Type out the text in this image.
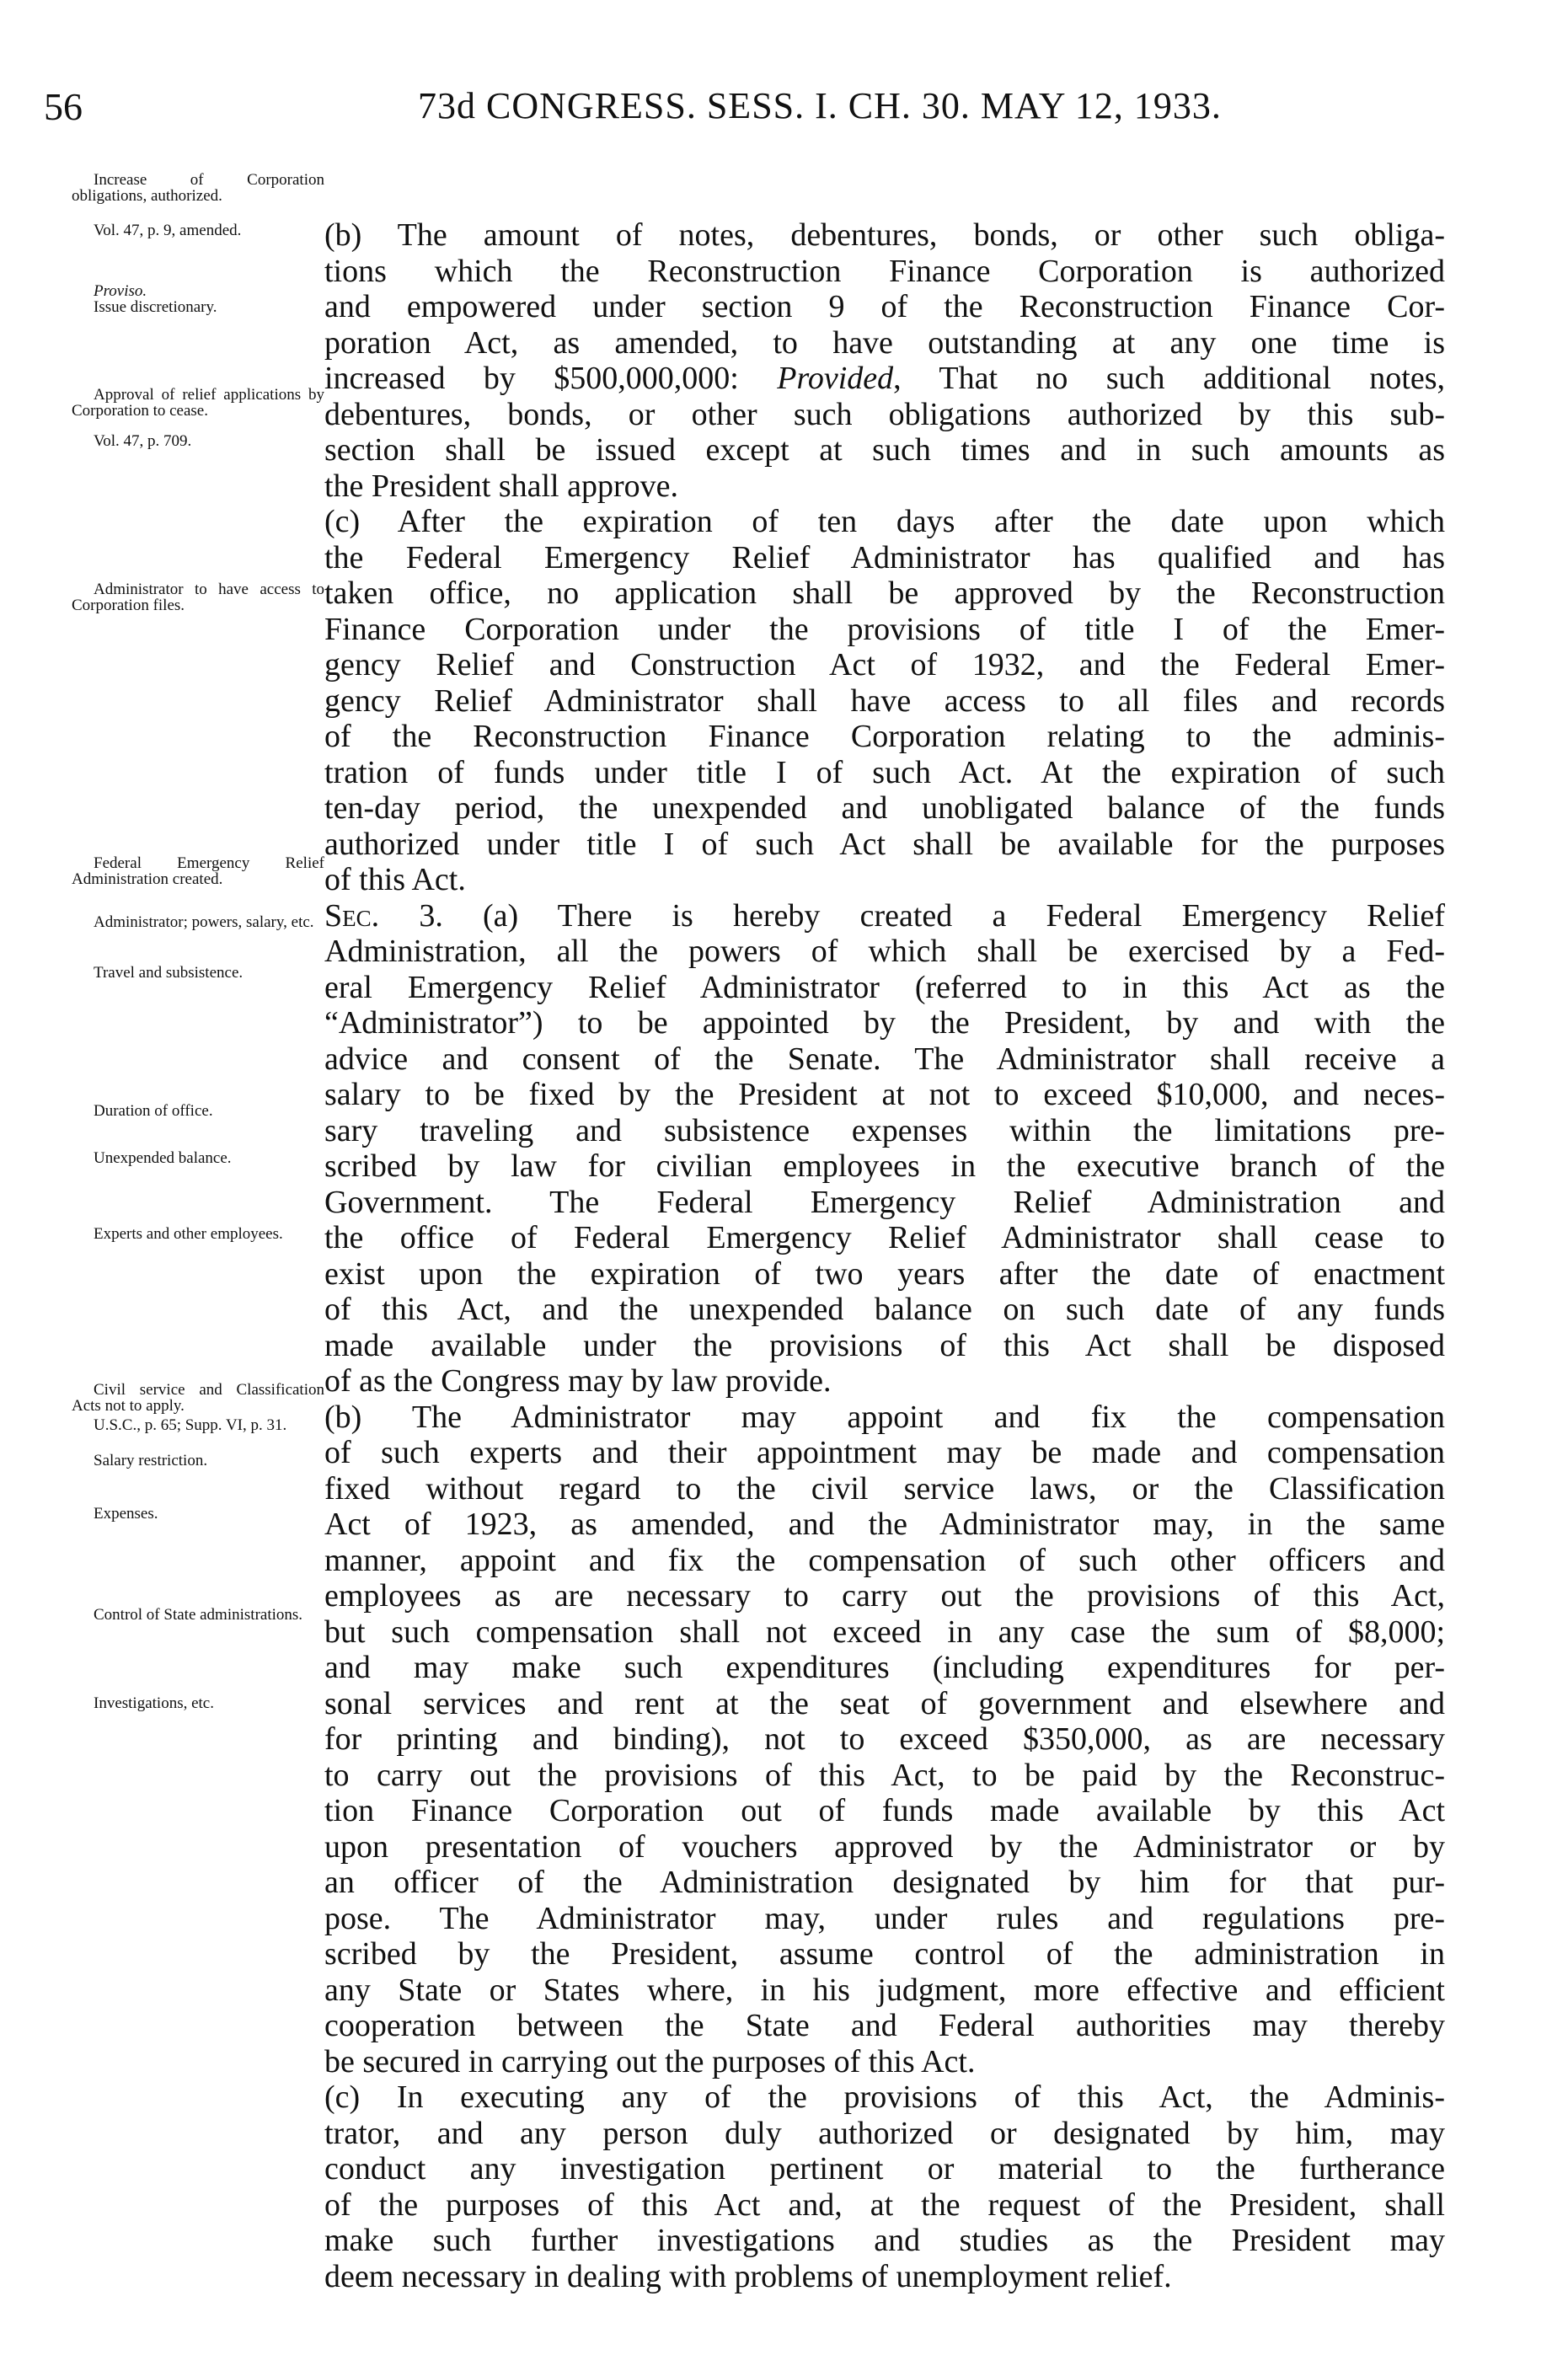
56	73d CONGRESS. SESS. I. CH. 30. MAY 12, 1933.
Increase of Corporation obligations, authorized.
Vol. 47, p. 9, amended.
Proviso.
Issue discretionary.
Approval of relief applications by Corporation to cease.
Vol. 47, p. 709.
Administrator to have access to Corporation files.
Federal Emergency Relief Administration created.
Administrator; powers, salary, etc.
Travel and subsistence.
Duration of office.
Unexpended balance.
Experts and other employees.
Civil service and Classification Acts not to apply.
U.S.C., p. 65; Supp. VI, p. 31.
Salary restriction.
Expenses.
Control of State administrations.
Investigations, etc.
(b) The amount of notes, debentures, bonds, or other such obliga-
tions which the Reconstruction Finance Corporation is authorized
and empowered under section 9 of the Reconstruction Finance Cor-
poration Act, as amended, to have outstanding at any one time is
increased by $500,000,000: Provided, That no such additional notes,
debentures, bonds, or other such obligations authorized by this sub-
section shall be issued except at such times and in such amounts as
the President shall approve.
(c) After the expiration of ten days after the date upon which
the Federal Emergency Relief Administrator has qualified and has
taken office, no application shall be approved by the Reconstruction
Finance Corporation under the provisions of title I of the Emer-
gency Relief and Construction Act of 1932, and the Federal Emer-
gency Relief Administrator shall have access to all files and records
of the Reconstruction Finance Corporation relating to the adminis-
tration of funds under title I of such Act. At the expiration of such
ten-day period, the unexpended and unobligated balance of the funds
authorized under title I of such Act shall be available for the purposes
of this Act.
Sec. 3. (a) There is hereby created a Federal Emergency Relief
Administration, all the powers of which shall be exercised by a Fed-
eral Emergency Relief Administrator (referred to in this Act as the
“Administrator”) to be appointed by the President, by and with the
advice and consent of the Senate. The Administrator shall receive a
salary to be fixed by the President at not to exceed $10,000, and neces-
sary traveling and subsistence expenses within the limitations pre-
scribed by law for civilian employees in the executive branch of the
Government. The Federal Emergency Relief Administration and
the office of Federal Emergency Relief Administrator shall cease to
exist upon the expiration of two years after the date of enactment
of this Act, and the unexpended balance on such date of any funds
made available under the provisions of this Act shall be disposed
of as the Congress may by law provide.
(b) The Administrator may appoint and fix the compensation
of such experts and their appointment may be made and compensation
fixed without regard to the civil service laws, or the Classification
Act of 1923, as amended, and the Administrator may, in the same
manner, appoint and fix the compensation of such other officers and
employees as are necessary to carry out the provisions of this Act,
but such compensation shall not exceed in any case the sum of $8,000;
and may make such expenditures (including expenditures for per-
sonal services and rent at the seat of government and elsewhere and
for printing and binding), not to exceed $350,000, as are necessary
to carry out the provisions of this Act, to be paid by the Reconstruc-
tion Finance Corporation out of funds made available by this Act
upon presentation of vouchers approved by the Administrator or by
an officer of the Administration designated by him for that pur-
pose. The Administrator may, under rules and regulations pre-
scribed by the President, assume control of the administration in
any State or States where, in his judgment, more effective and efficient
cooperation between the State and Federal authorities may thereby
be secured in carrying out the purposes of this Act.
(c) In executing any of the provisions of this Act, the Adminis-
trator, and any person duly authorized or designated by him, may
conduct any investigation pertinent or material to the furtherance
of the purposes of this Act and, at the request of the President, shall
make such further investigations and studies as the President may
deem necessary in dealing with problems of unemployment relief.
